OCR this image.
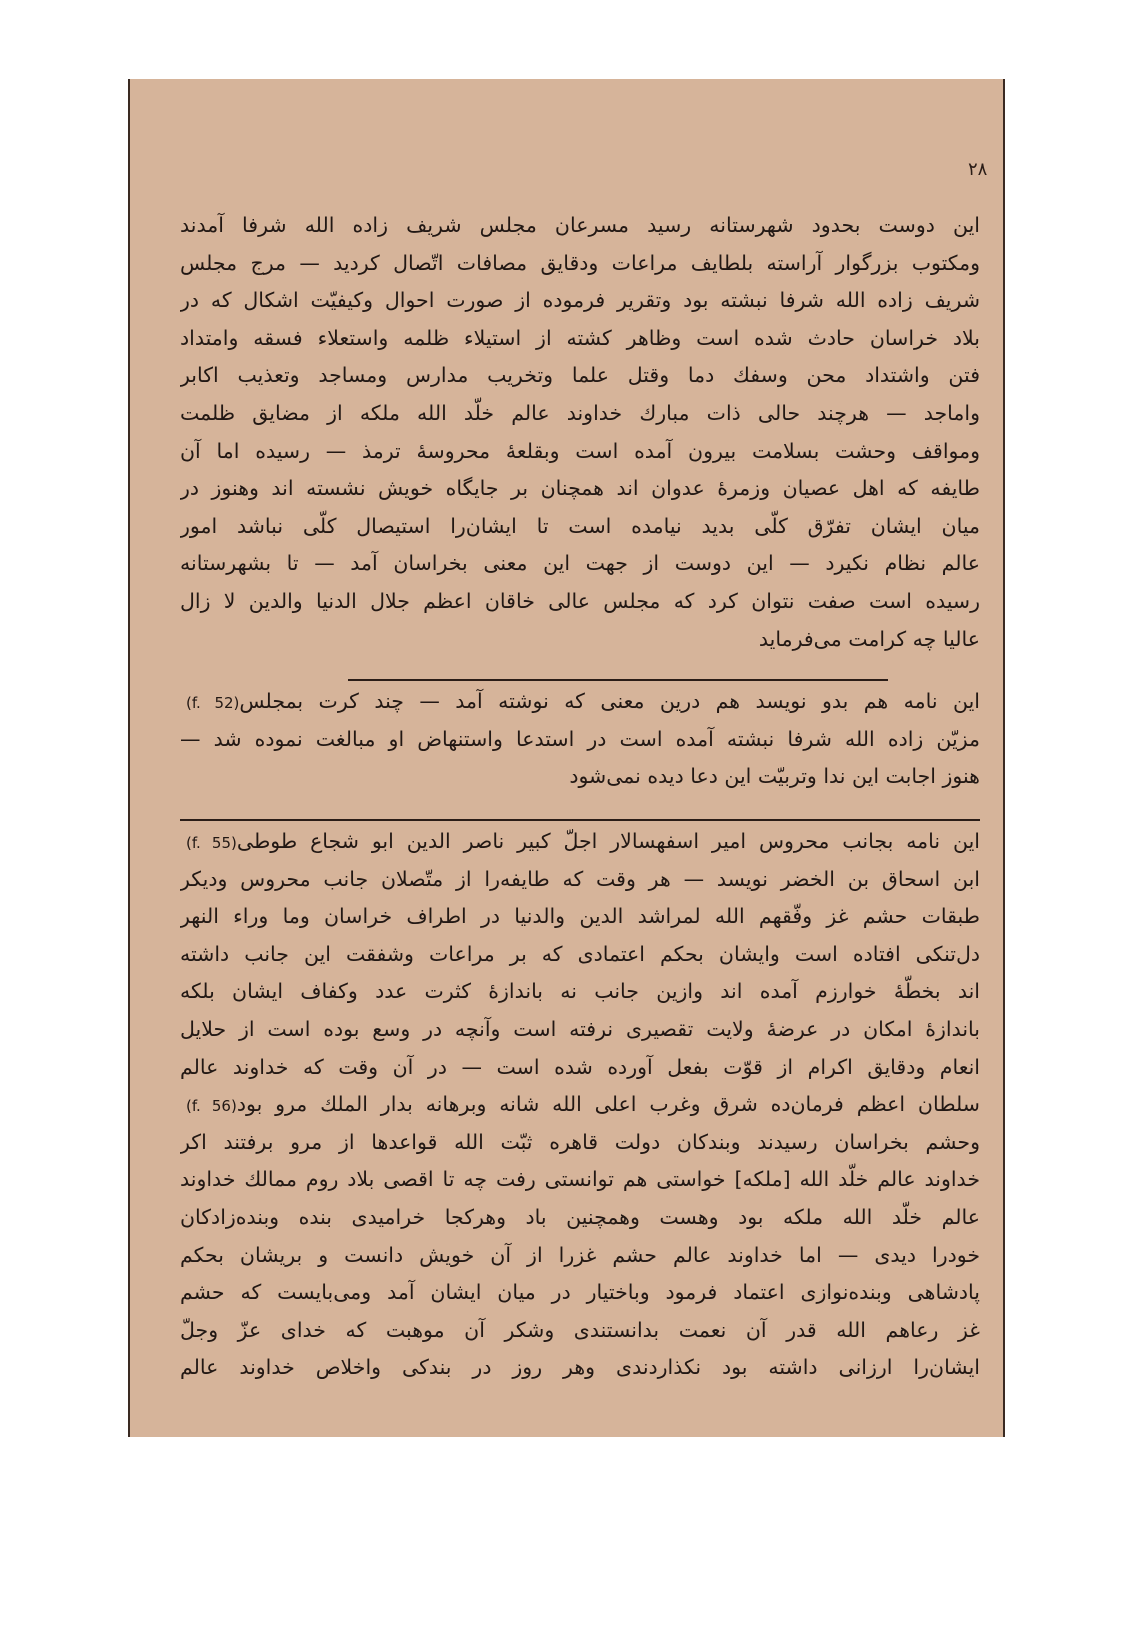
۲۸
این دوست بحدود شهرستانه رسید مسرعان مجلس شریف زاده الله شرفا آمدند
ومکتوب بزرگوار آراسته بلطایف مراعات ودقایق مصافات اتّصال کردید — مرج مجلس
شریف زاده الله شرفا نبشته بود وتقریر فرموده از صورت احوال وکیفیّت اشکال که در
بلاد خراسان حادث شده است وظاهر کشته از استیلاء ظلمه واستعلاء فسقه وامتداد
فتن واشتداد محن وسفك دما وقتل علما وتخریب مدارس ومساجد وتعذیب اکابر
واماجد — هرچند حالی ذات مبارك خداوند عالم خلّد الله ملکه از مضایق ظلمت
ومواقف وحشت بسلامت بیرون آمده است وبقلعهٔ محروسهٔ ترمذ — رسیده اما آن
طایفه که اهل عصیان وزمرهٔ عدوان اند همچنان بر جایگاه خویش نشسته اند وهنوز در
میان ایشان تفرّق کلّی بدید نیامده است تا ایشان‌را استیصال کلّی نباشد امور
عالم نظام نکیرد — این دوست از جهت این معنی بخراسان آمد — تا بشهرستانه
رسیده است صفت نتوان کرد که مجلس عالی خاقان اعظم جلال الدنیا والدین لا زال
عالیا چه کرامت می‌فرماید
این نامه هم بدو نویسد هم درین معنی که نوشته آمد — چند کرت بمجلس(f. 52)
مزیّن زاده الله شرفا نبشته آمده است در استدعا واستنهاض او مبالغت نموده شد —
هنوز اجابت این ندا وتربیّت این دعا دیده نمی‌شود
این نامه بجانب محروس امیر اسفهسالار اجلّ کبیر ناصر الدین ابو شجاع طوطی(f. 55)
ابن اسحاق بن الخضر نویسد — هر وقت که طایفه‌را از متّصلان جانب محروس ودیکر
طبقات حشم غز وفّقهم الله لمراشد الدین والدنیا در اطراف خراسان وما وراء النهر
دل‌تنکی افتاده است وایشان بحکم اعتمادی که بر مراعات وشفقت این جانب داشته
اند بخطّهٔ خوارزم آمده اند وازین جانب نه باندازهٔ کثرت عدد وکفاف ایشان بلکه
باندازهٔ امکان در عرضهٔ ولایت تقصیری نرفته است وآنچه در وسع بوده است از حلایل
انعام ودقایق اکرام از قوّت بفعل آورده شده است — در آن وقت که خداوند عالم
سلطان اعظم فرمان‌ده شرق وغرب اعلی الله شانه وبرهانه بدار الملك مرو بود(f. 56)
وحشم بخراسان رسیدند وبندکان دولت قاهره ثبّت الله قواعدها از مرو برفتند اکر
خداوند عالم خلّد الله [ملکه] خواستی هم توانستی رفت چه تا اقصی بلاد روم ممالك خداوند
عالم خلّد الله ملکه بود وهست وهمچنین باد وهرکجا خرامیدی بنده وبنده‌زادکان
خودرا دیدی — اما خداوند عالم حشم غزرا از آن خویش دانست و بریشان بحکم
پادشاهی وبنده‌نوازی اعتماد فرمود وباختیار در میان ایشان آمد ومی‌بایست که حشم
غز رعاهم الله قدر آن نعمت بدانستندی وشکر آن موهبت که خدای عزّ وجلّ
ایشان‌را ارزانی داشته بود نکذاردندی وهر روز در بندکی واخلاص خداوند عالم
